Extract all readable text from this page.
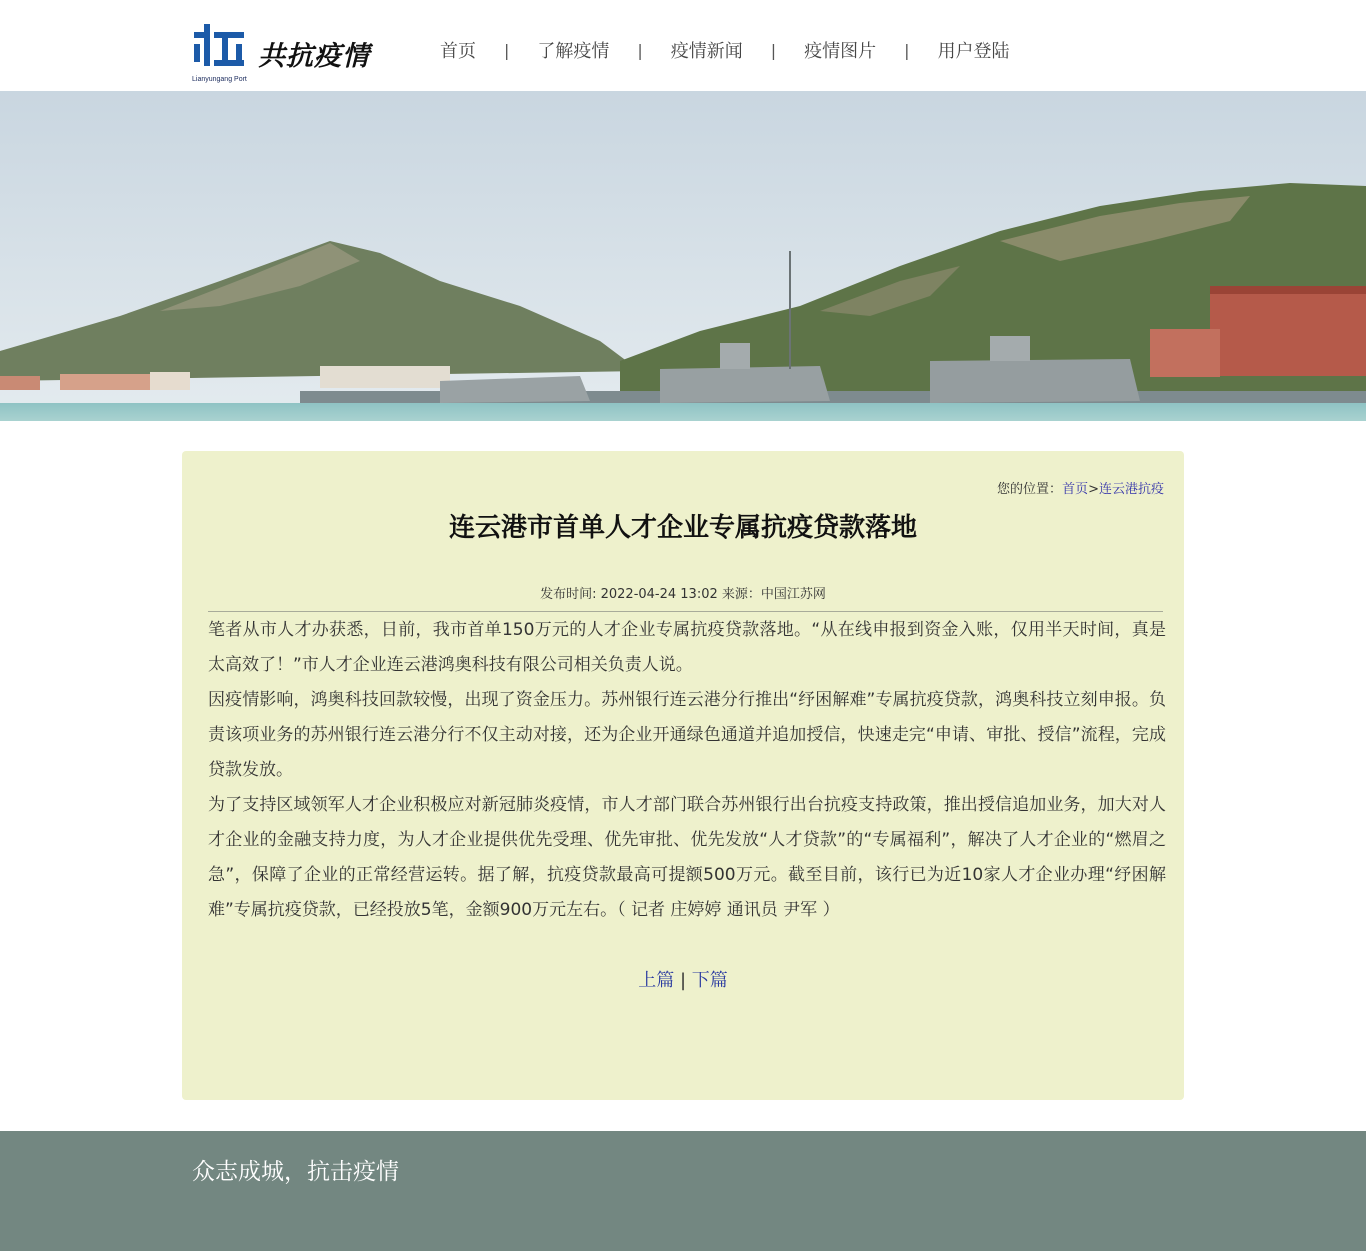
共抗疫情
Lianyungang Port
首页 | 了解疫情 | 疫情新闻 | 疫情图片 | 用户登陆
您的位置：首页>连云港抗疫
连云港市首单人才企业专属抗疫贷款落地
发布时间: 2022-04-24 13:02 来源：中国江苏网

笔者从市人才办获悉，日前，我市首单150万元的人才企业专属抗疫贷款落地。“从在线申报到资金入账，仅用半天时间，真是太高效了！”市人才企业连云港鸿奥科技有限公司相关负责人说。

因疫情影响，鸿奥科技回款较慢，出现了资金压力。苏州银行连云港分行推出“纾困解难”专属抗疫贷款，鸿奥科技立刻申报。负责该项业务的苏州银行连云港分行不仅主动对接，还为企业开通绿色通道并追加授信，快速走完“申请、审批、授信”流程，完成贷款发放。

为了支持区域领军人才企业积极应对新冠肺炎疫情，市人才部门联合苏州银行出台抗疫支持政策，推出授信追加业务，加大对人才企业的金融支持力度，为人才企业提供优先受理、优先审批、优先发放“人才贷款”的“专属福利”，解决了人才企业的“燃眉之急”，保障了企业的正常经营运转。据了解，抗疫贷款最高可提额500万元。截至目前，该行已为近10家人才企业办理“纾困解难”专属抗疫贷款，已经投放5笔，金额900万元左右。（ 记者 庄婷婷 通讯员 尹军 ）

上篇 | 下篇
众志成城，抗击疫情
